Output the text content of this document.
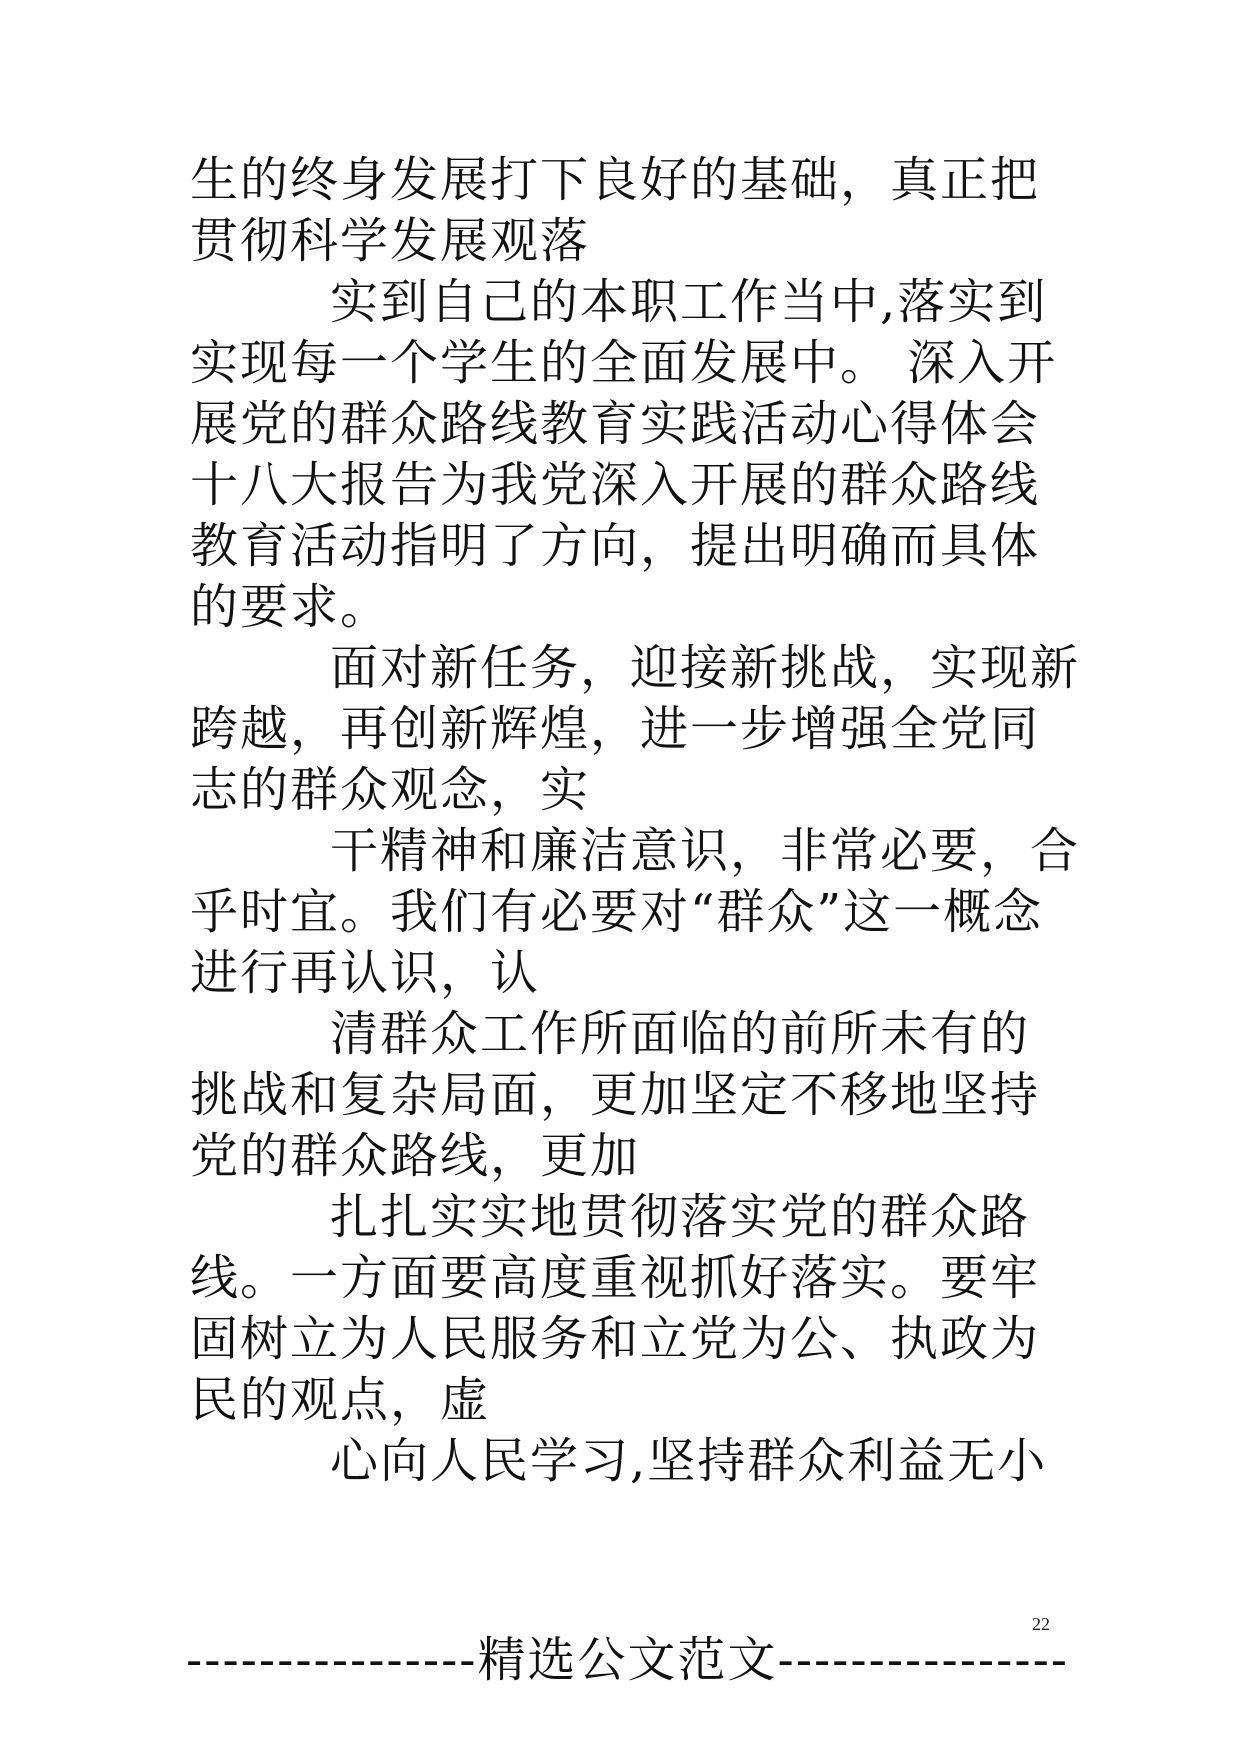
生的终身发展打下良好的基础，真正把
贯彻科学发展观落
实到自己的本职工作当中,落实到
实现每一个学生的全面发展中。 深入开
展党的群众路线教育实践活动心得体会
十八大报告为我党深入开展的群众路线
教育活动指明了方向，提出明确而具体
的要求。
面对新任务，迎接新挑战，实现新
跨越，再创新辉煌，进一步增强全党同
志的群众观念，实
干精神和廉洁意识，非常必要，合
乎时宜。我们有必要对“群众”这一概念
进行再认识，认
清群众工作所面临的前所未有的
挑战和复杂局面，更加坚定不移地坚持
党的群众路线，更加
扎扎实实地贯彻落实党的群众路
线。一方面要高度重视抓好落实。要牢
固树立为人民服务和立党为公、执政为
民的观点，虚
心向人民学习,坚持群众利益无小
22
----------------精选公文范文----------------
